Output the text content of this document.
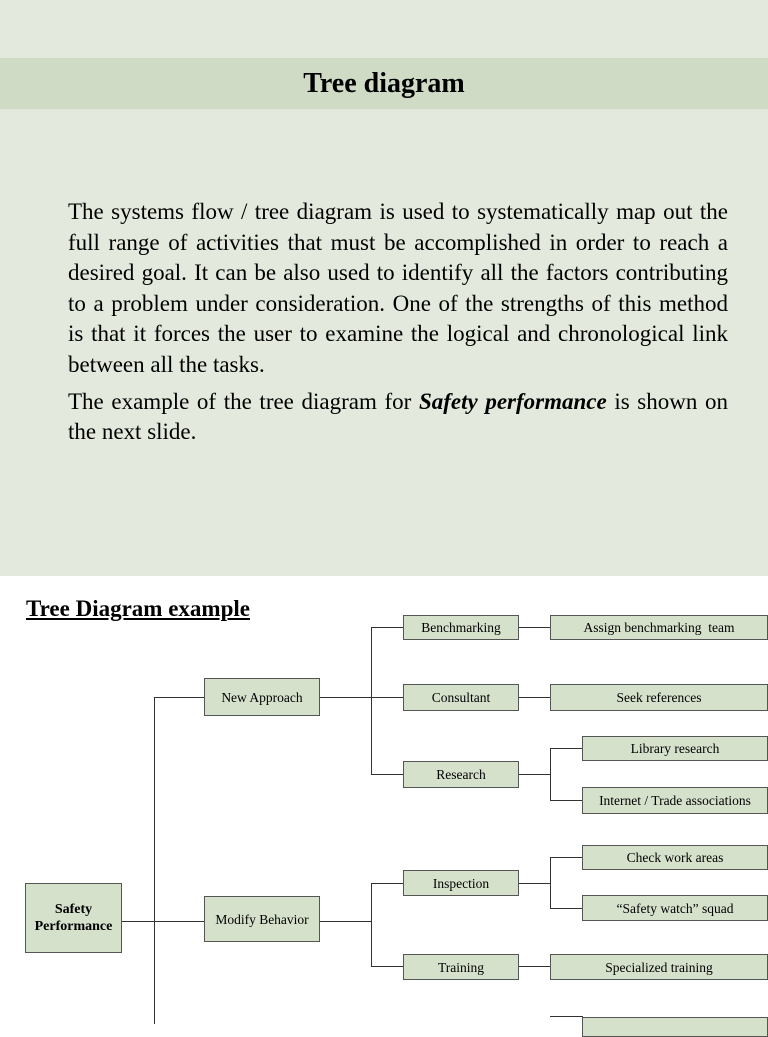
Tree diagram

The systems flow / tree diagram is used to systematically map out the full range of activities that must be accomplished in order to reach a desired goal. It can be also used to identify all the factors contributing to a problem under consideration. One of the strengths of this method is that it forces the user to examine the logical and chronological link between all the tasks.

The example of the tree diagram for Safety performance is shown on the next slide.

Tree Diagram example
Safety Performance
New Approach
Modify Behavior
Benchmarking
Consultant
Research
Inspection
Training
Assign benchmarking  team
Seek references
Library research
Internet / Trade associations
Check work areas
“Safety watch” squad
Specialized training
